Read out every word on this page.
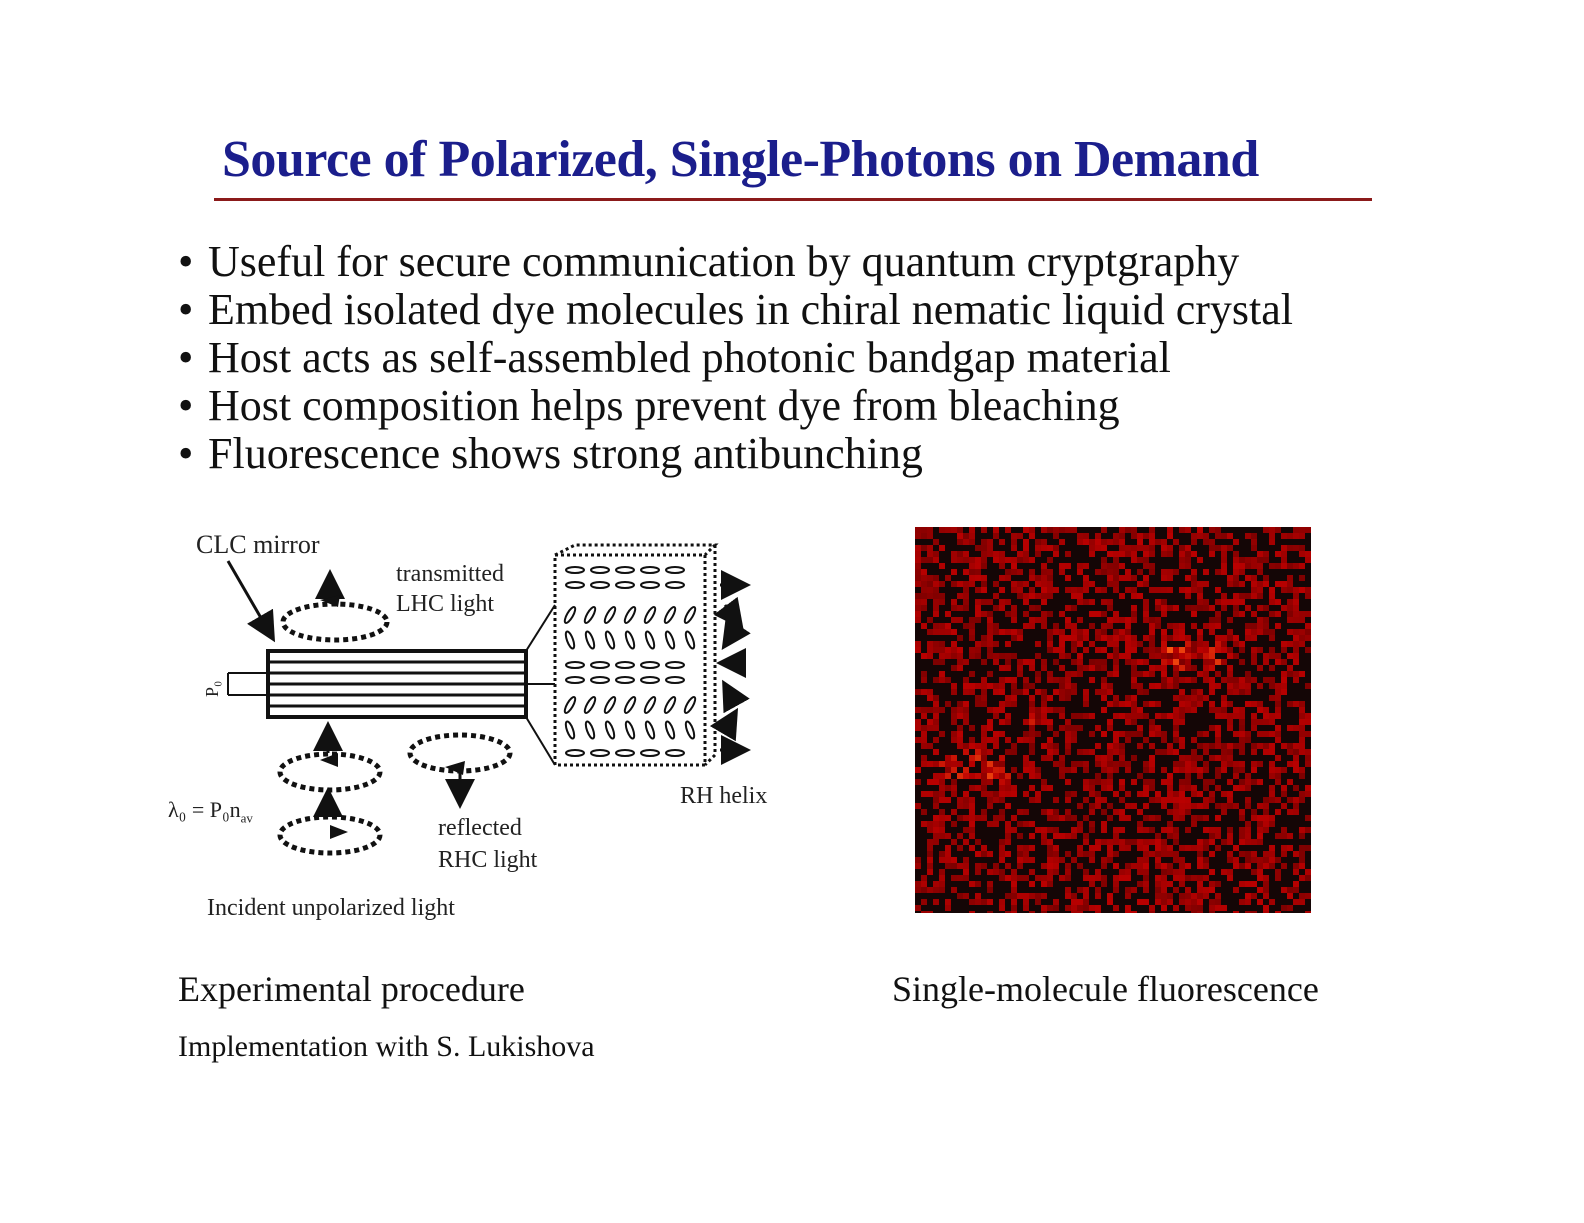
Source of Polarized, Single-Photons on Demand
• Useful for secure communication by quantum cryptgraphy
• Embed isolated dye molecules in chiral nematic liquid crystal
• Host acts as self-assembled photonic bandgap material
• Host composition helps prevent dye from bleaching
• Fluorescence shows strong antibunching
CLC mirror
transmitted
LHC light
P₀
$\lambda_0 = P_0n_{av}$	reflected
RHC light
RH helix
Incident unpolarized light
Experimental procedure	Single-molecule fluorescence
Implementation with S. Lukishova
